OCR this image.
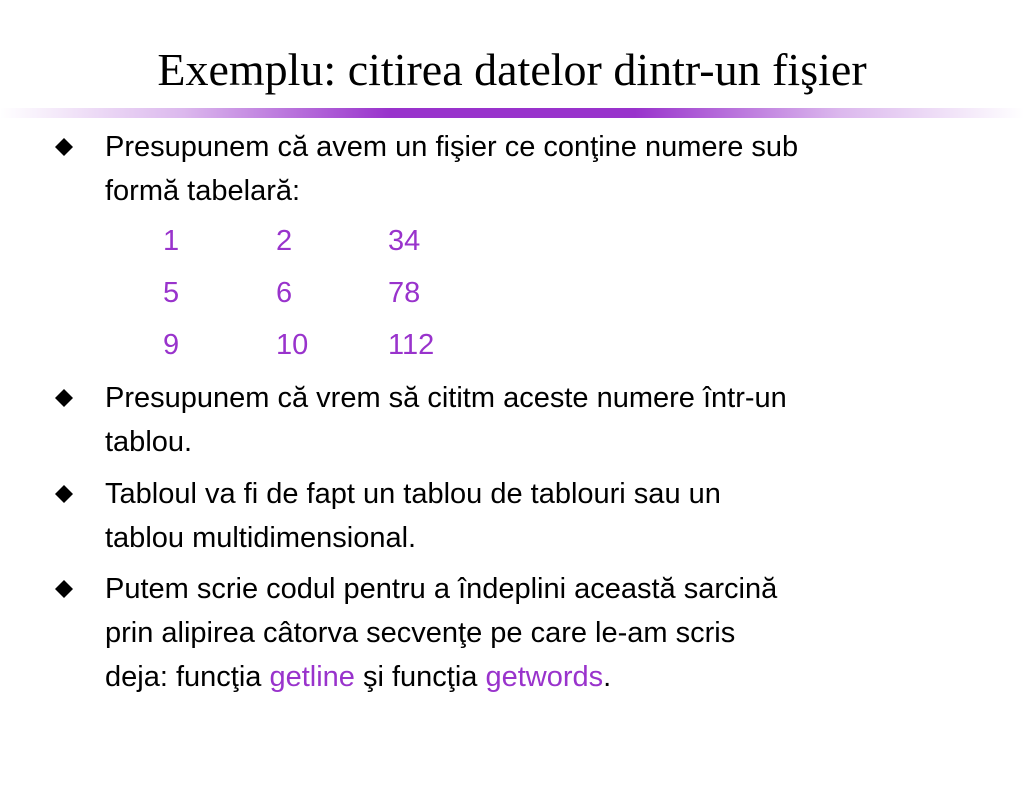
Exemplu: citirea datelor dintr-un fişier
Presupunem că avem un fişier ce conţine numere sub
formă tabelară:
1	2	34
5	6	78
9	10	112
Presupunem că vrem să cititm aceste numere într-un
tablou.
Tabloul va fi de fapt un tablou de tablouri sau un
tablou multidimensional.
Putem scrie codul pentru a îndeplini această sarcină
prin alipirea câtorva secvenţe pe care le-am scris
deja: funcţia getline şi funcţia getwords.
